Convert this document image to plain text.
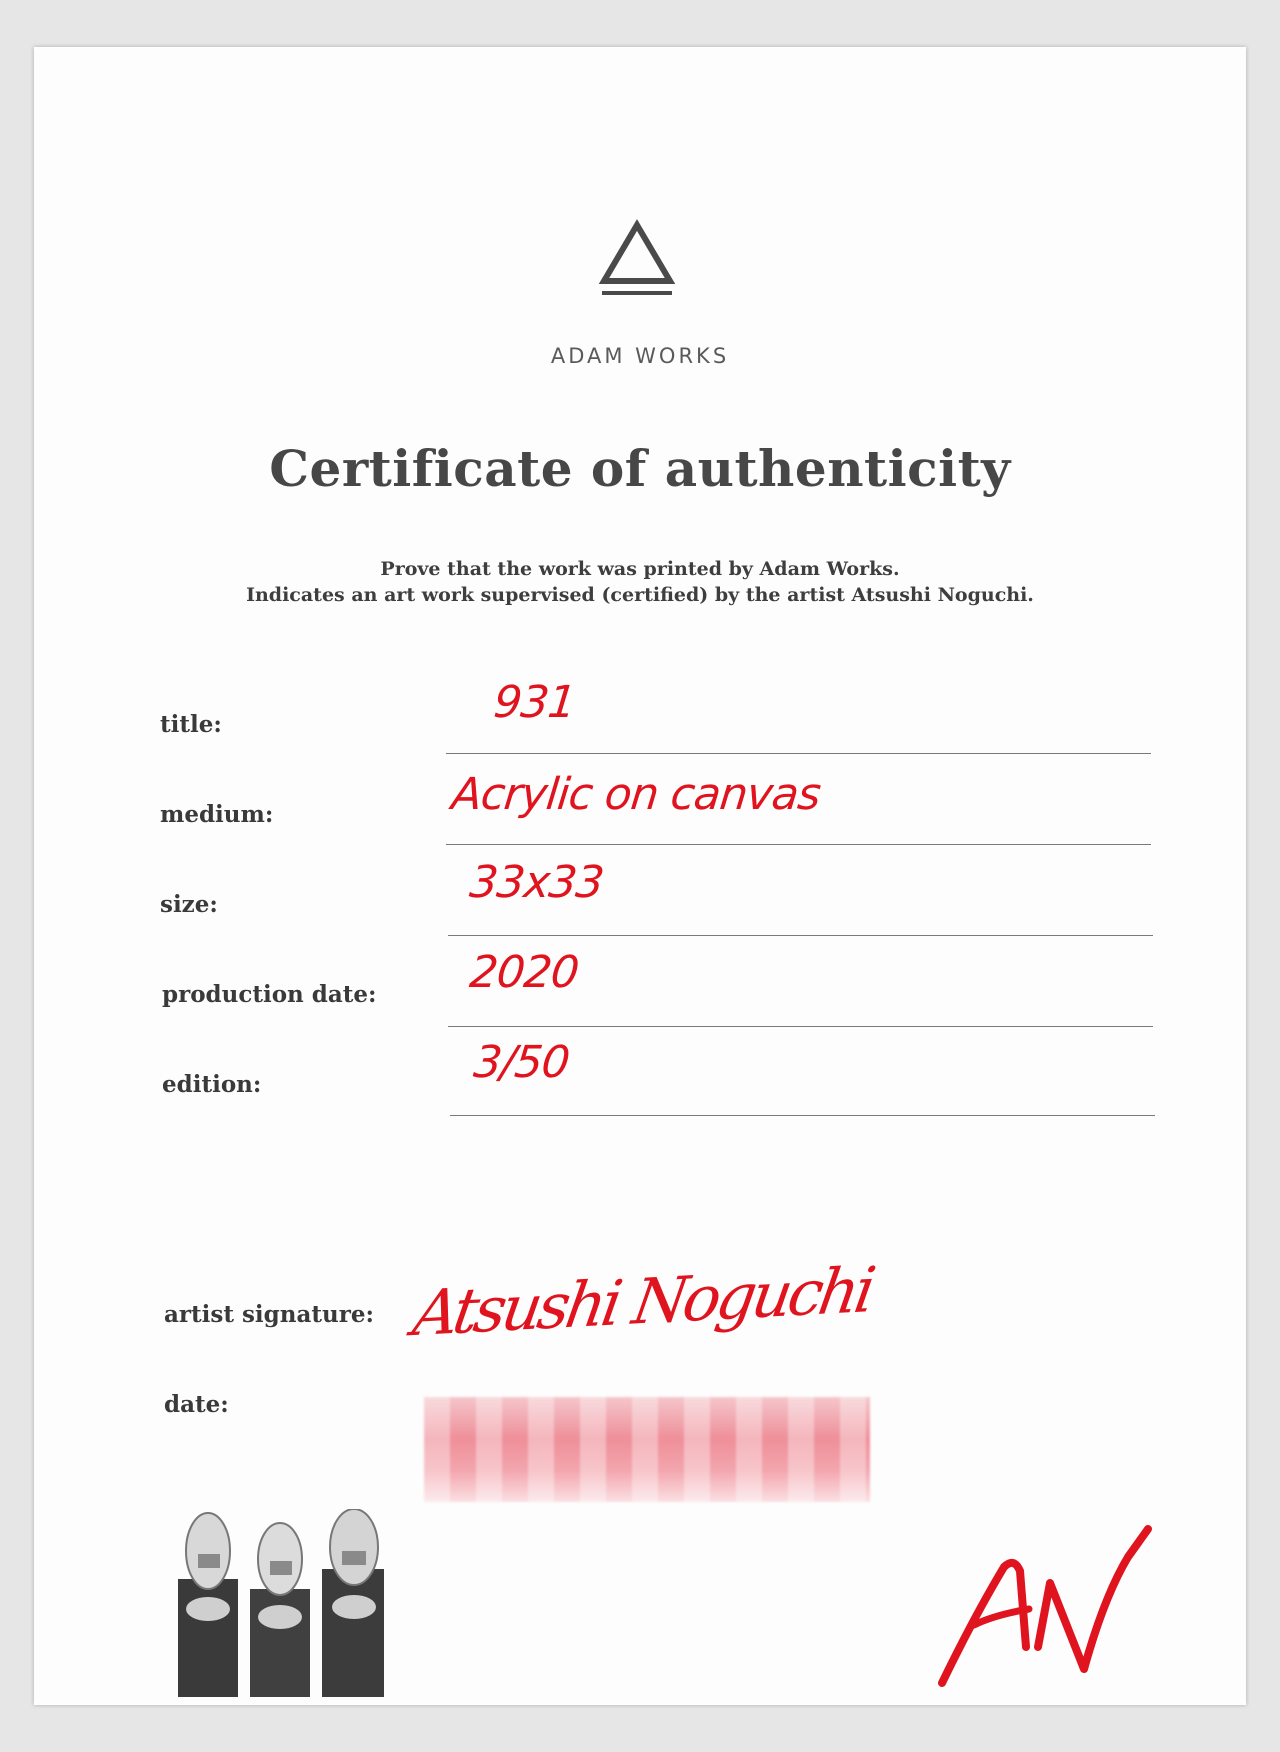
ADAM WORKS
Certificate of authenticity
Prove that the work was printed by Adam Works.
Indicates an art work supervised (certified) by the artist Atsushi Noguchi.
title:	931
medium:	Acrylic on canvas
size:	33x33
production date: 2020
edition:	3/50
artist signature: Atsushi Noguchi
date:
